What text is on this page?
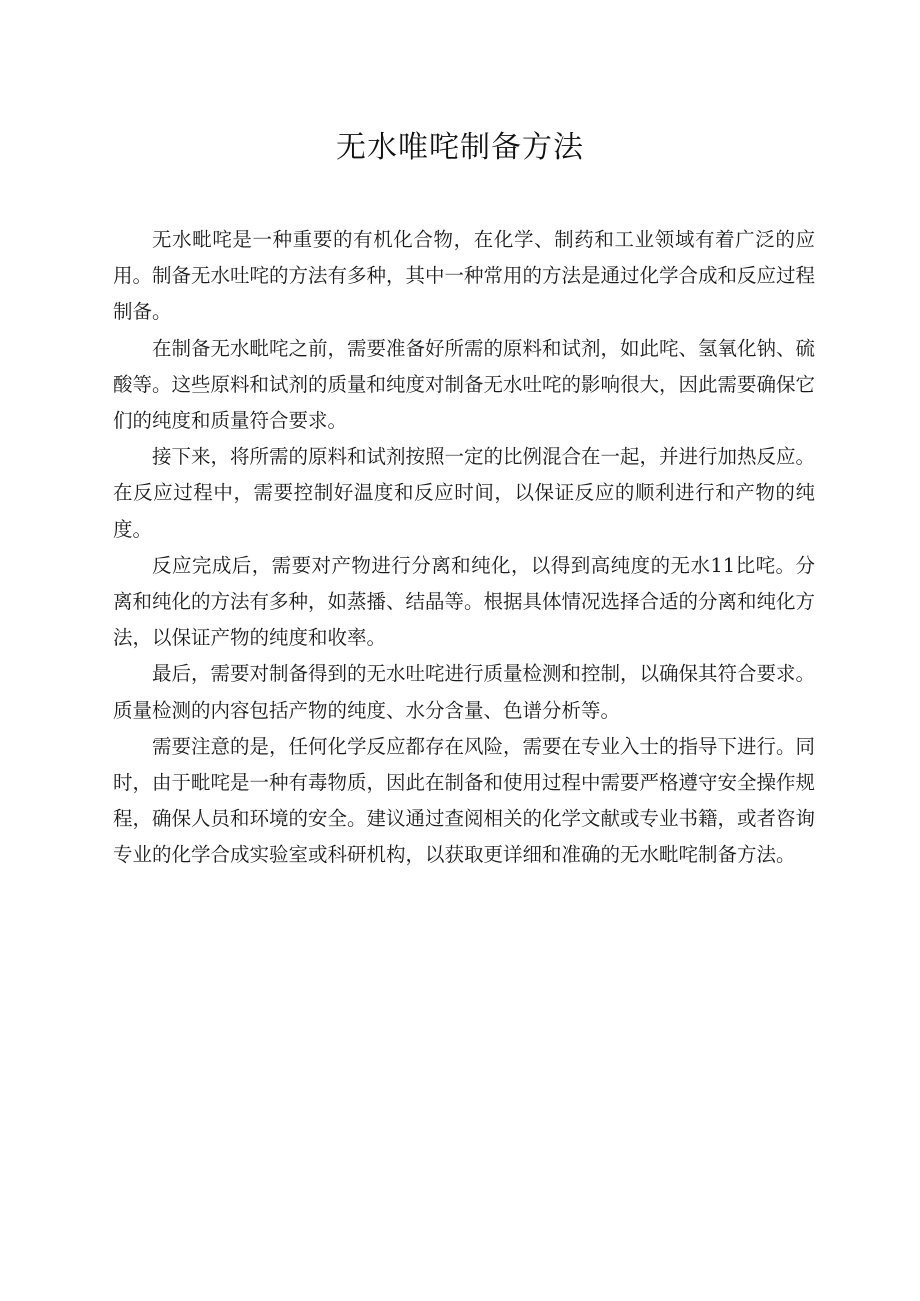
无水唯咤制备方法

无水毗咤是一种重要的有机化合物，在化学、制药和工业领域有着广泛的应用。制备无水吐咤的方法有多种，其中一种常用的方法是通过化学合成和反应过程制备。

在制备无水毗咤之前，需要准备好所需的原料和试剂，如此咤、氢氧化钠、硫酸等。这些原料和试剂的质量和纯度对制备无水吐咤的影响很大，因此需要确保它们的纯度和质量符合要求。

接下来，将所需的原料和试剂按照一定的比例混合在一起，并进行加热反应。在反应过程中，需要控制好温度和反应时间，以保证反应的顺利进行和产物的纯度。

反应完成后，需要对产物进行分离和纯化，以得到高纯度的无水11比咤。分离和纯化的方法有多种，如蒸播、结晶等。根据具体情况选择合适的分离和纯化方法，以保证产物的纯度和收率。

最后，需要对制备得到的无水吐咤进行质量检测和控制，以确保其符合要求。质量检测的内容包括产物的纯度、水分含量、色谱分析等。

需要注意的是，任何化学反应都存在风险，需要在专业入士的指导下进行。同时，由于毗咤是一种有毒物质，因此在制备和使用过程中需要严格遵守安全操作规程，确保人员和环境的安全。建议通过查阅相关的化学文献或专业书籍，或者咨询专业的化学合成实验室或科研机构，以获取更详细和准确的无水毗咤制备方法。
